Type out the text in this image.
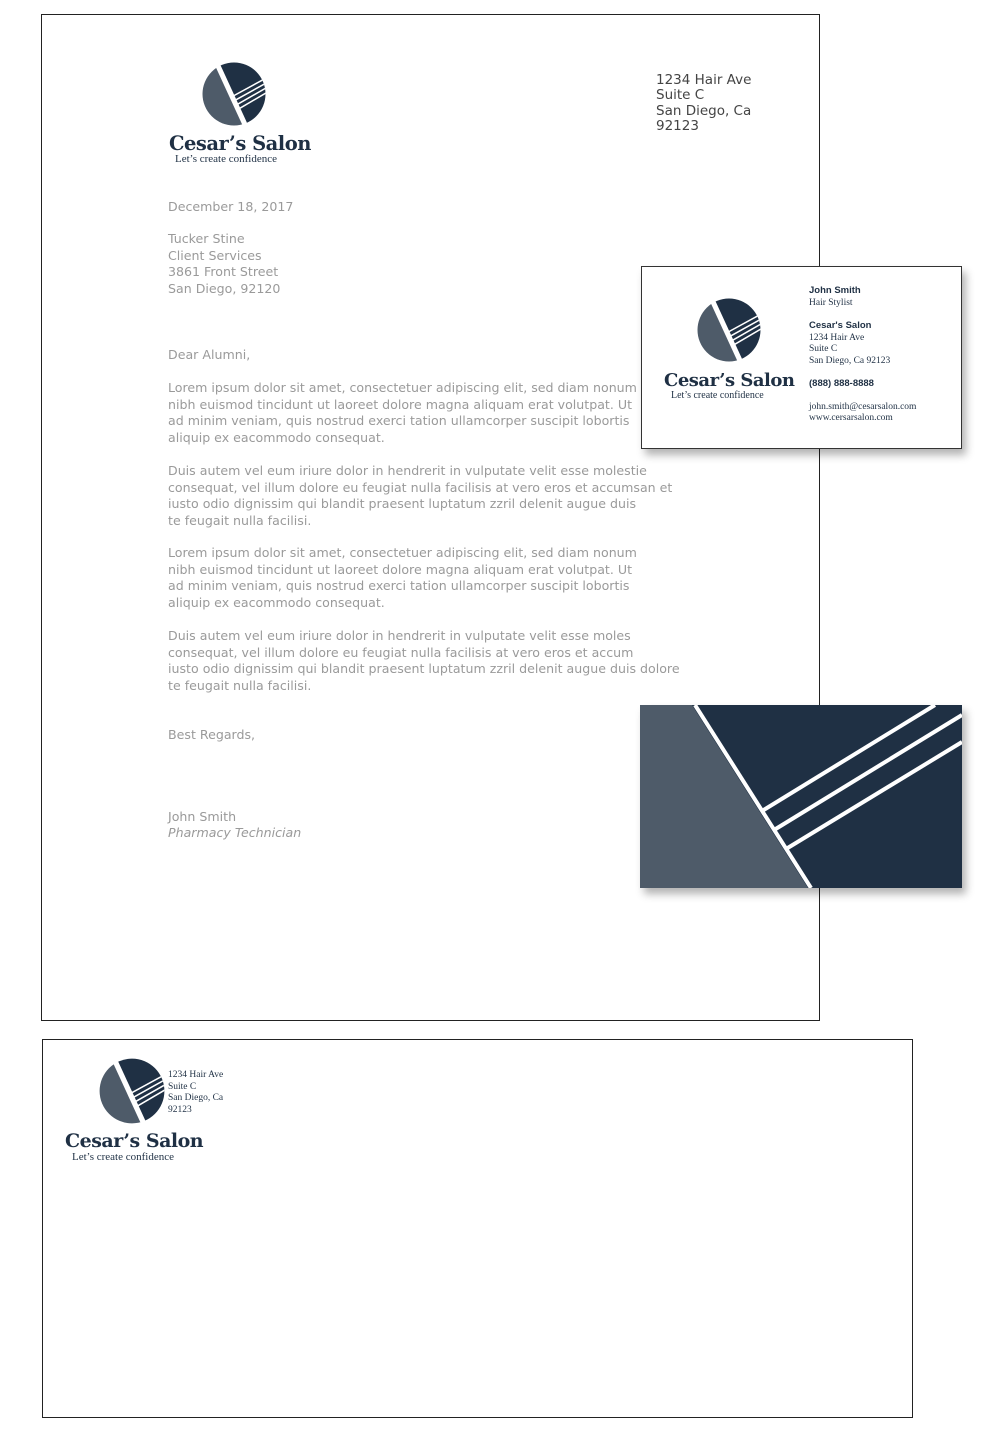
Cesar’s Salon
Let’s create confidence
1234 Hair Ave
Suite C
San Diego, Ca
92123
December 18, 2017
Tucker Stine
Client Services
3861 Front Street
San Diego, 92120
Dear Alumni,
Lorem ipsum dolor sit amet, consectetuer adipiscing elit, sed diam nonum
nibh euismod tincidunt ut laoreet dolore magna aliquam erat volutpat. Ut
ad minim veniam, quis nostrud exerci tation ullamcorper suscipit lobortis
aliquip ex eacommodo consequat.
Duis autem vel eum iriure dolor in hendrerit in vulputate velit esse molestie
consequat, vel illum dolore eu feugiat nulla facilisis at vero eros et accumsan et
iusto odio dignissim qui blandit praesent luptatum zzril delenit augue duis
te feugait nulla facilisi.
Lorem ipsum dolor sit amet, consectetuer adipiscing elit, sed diam nonum
nibh euismod tincidunt ut laoreet dolore magna aliquam erat volutpat. Ut
ad minim veniam, quis nostrud exerci tation ullamcorper suscipit lobortis
aliquip ex eacommodo consequat.
Duis autem vel eum iriure dolor in hendrerit in vulputate velit esse moles
consequat, vel illum dolore eu feugiat nulla facilisis at vero eros et accum
iusto odio dignissim qui blandit praesent luptatum zzril delenit augue duis dolore
te feugait nulla facilisi.
Best Regards,
John Smith
Pharmacy Technician
Cesar’s Salon
Let’s create confidence
John Smith
Hair Stylist
Cesar's Salon
1234 Hair Ave
Suite C
San Diego, Ca 92123
(888) 888-8888
john.smith@cesarsalon.com
www.cersarsalon.com
Cesar’s Salon
Let’s create confidence
1234 Hair Ave
Suite C
San Diego, Ca
92123
